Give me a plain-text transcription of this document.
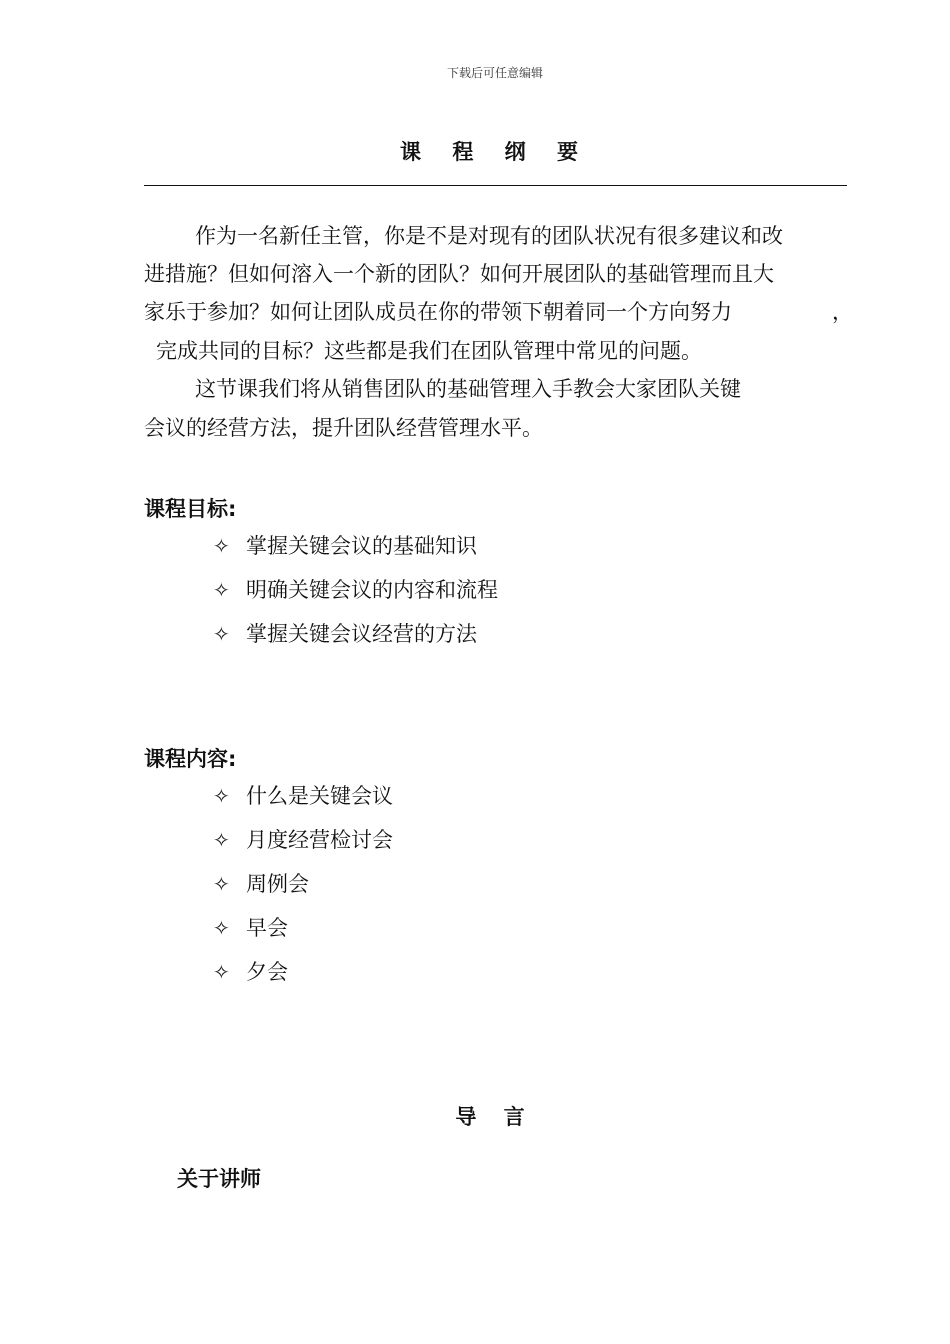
下载后可任意编辑
课 程 纲 要
作为一名新任主管，你是不是对现有的团队状况有很多建议和改
进措施？但如何溶入一个新的团队？如何开展团队的基础管理而且大
家乐于参加？如何让团队成员在你的带领下朝着同一个方向努力	，
完成共同的目标？这些都是我们在团队管理中常见的问题。
这节课我们将从销售团队的基础管理入手教会大家团队关键
会议的经营方法，提升团队经营管理水平。
课程目标:
✧ 掌握关键会议的基础知识
✧ 明确关键会议的内容和流程
✧ 掌握关键会议经营的方法
课程内容:
✧ 什么是关键会议
✧ 月度经营检讨会
✧ 周例会
✧ 早会
✧ 夕会
导 言
关于讲师
